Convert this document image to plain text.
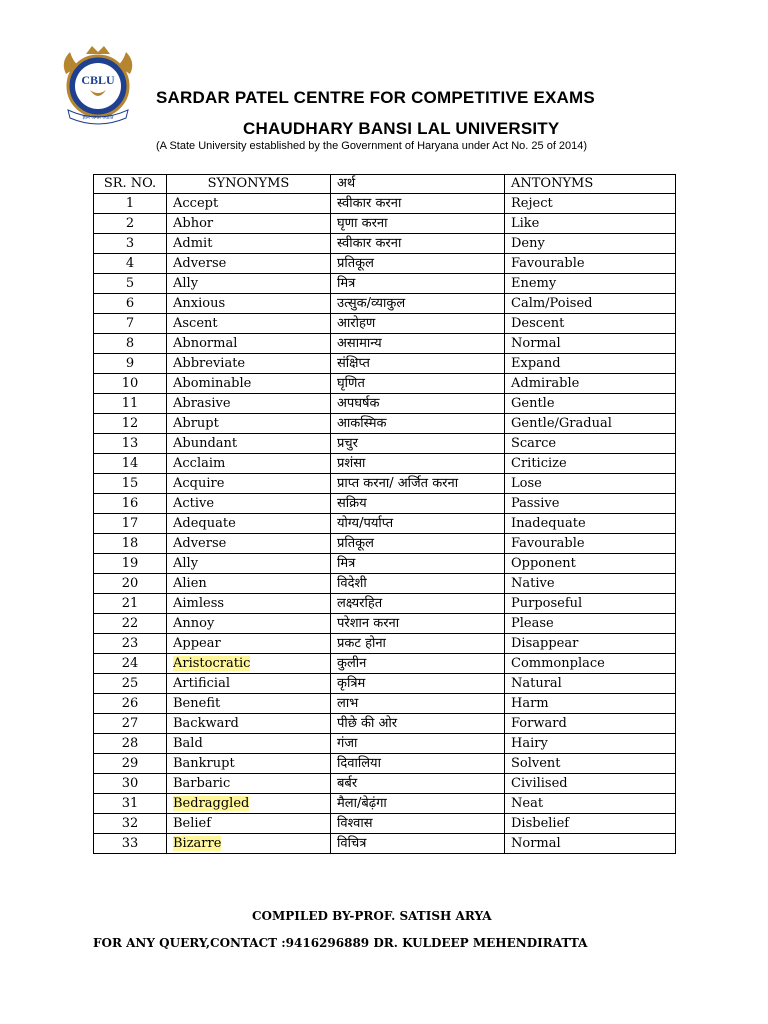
CBLU
ज्ञान जगत ज्योति
SARDAR PATEL CENTRE FOR COMPETITIVE EXAMS
CHAUDHARY BANSI LAL UNIVERSITY
(A State University established by the Government of Haryana under Act No. 25 of 2014)
SR. NO.	SYNONYMS	अर्थ	ANTONYMS
1	Accept	स्वीकार करना	Reject
2	Abhor	घृणा करना	Like
3	Admit	स्वीकार करना	Deny
4	Adverse	प्रतिकूल	Favourable
5	Ally	मित्र	Enemy
6	Anxious	उत्सुक/व्याकुल	Calm/Poised
7	Ascent	आरोहण	Descent
8	Abnormal	असामान्य	Normal
9	Abbreviate	संक्षिप्त	Expand
10	Abominable	घृणित	Admirable
11	Abrasive	अपघर्षक	Gentle
12	Abrupt	आकस्मिक	Gentle/Gradual
13	Abundant	प्रचुर	Scarce
14	Acclaim	प्रशंसा	Criticize
15	Acquire	प्राप्त करना/ अर्जित करना	Lose
16	Active	सक्रिय	Passive
17	Adequate	योग्य/पर्याप्त	Inadequate
18	Adverse	प्रतिकूल	Favourable
19	Ally	मित्र	Opponent
20	Alien	विदेशी	Native
21	Aimless	लक्ष्यरहित	Purposeful
22	Annoy	परेशान करना	Please
23	Appear	प्रकट होना	Disappear
24	Aristocratic	कुलीन	Commonplace
25	Artificial	कृत्रिम	Natural
26	Benefit	लाभ	Harm
27	Backward	पीछे की ओर	Forward
28	Bald	गंजा	Hairy
29	Bankrupt	दिवालिया	Solvent
30	Barbaric	बर्बर	Civilised
31	Bedraggled	मैला/बेढ़ंगा	Neat
32	Belief	विश्वास	Disbelief
33	Bizarre	विचित्र	Normal
COMPILED BY-PROF. SATISH ARYA
FOR ANY QUERY,CONTACT :9416296889 DR. KULDEEP MEHENDIRATTA
